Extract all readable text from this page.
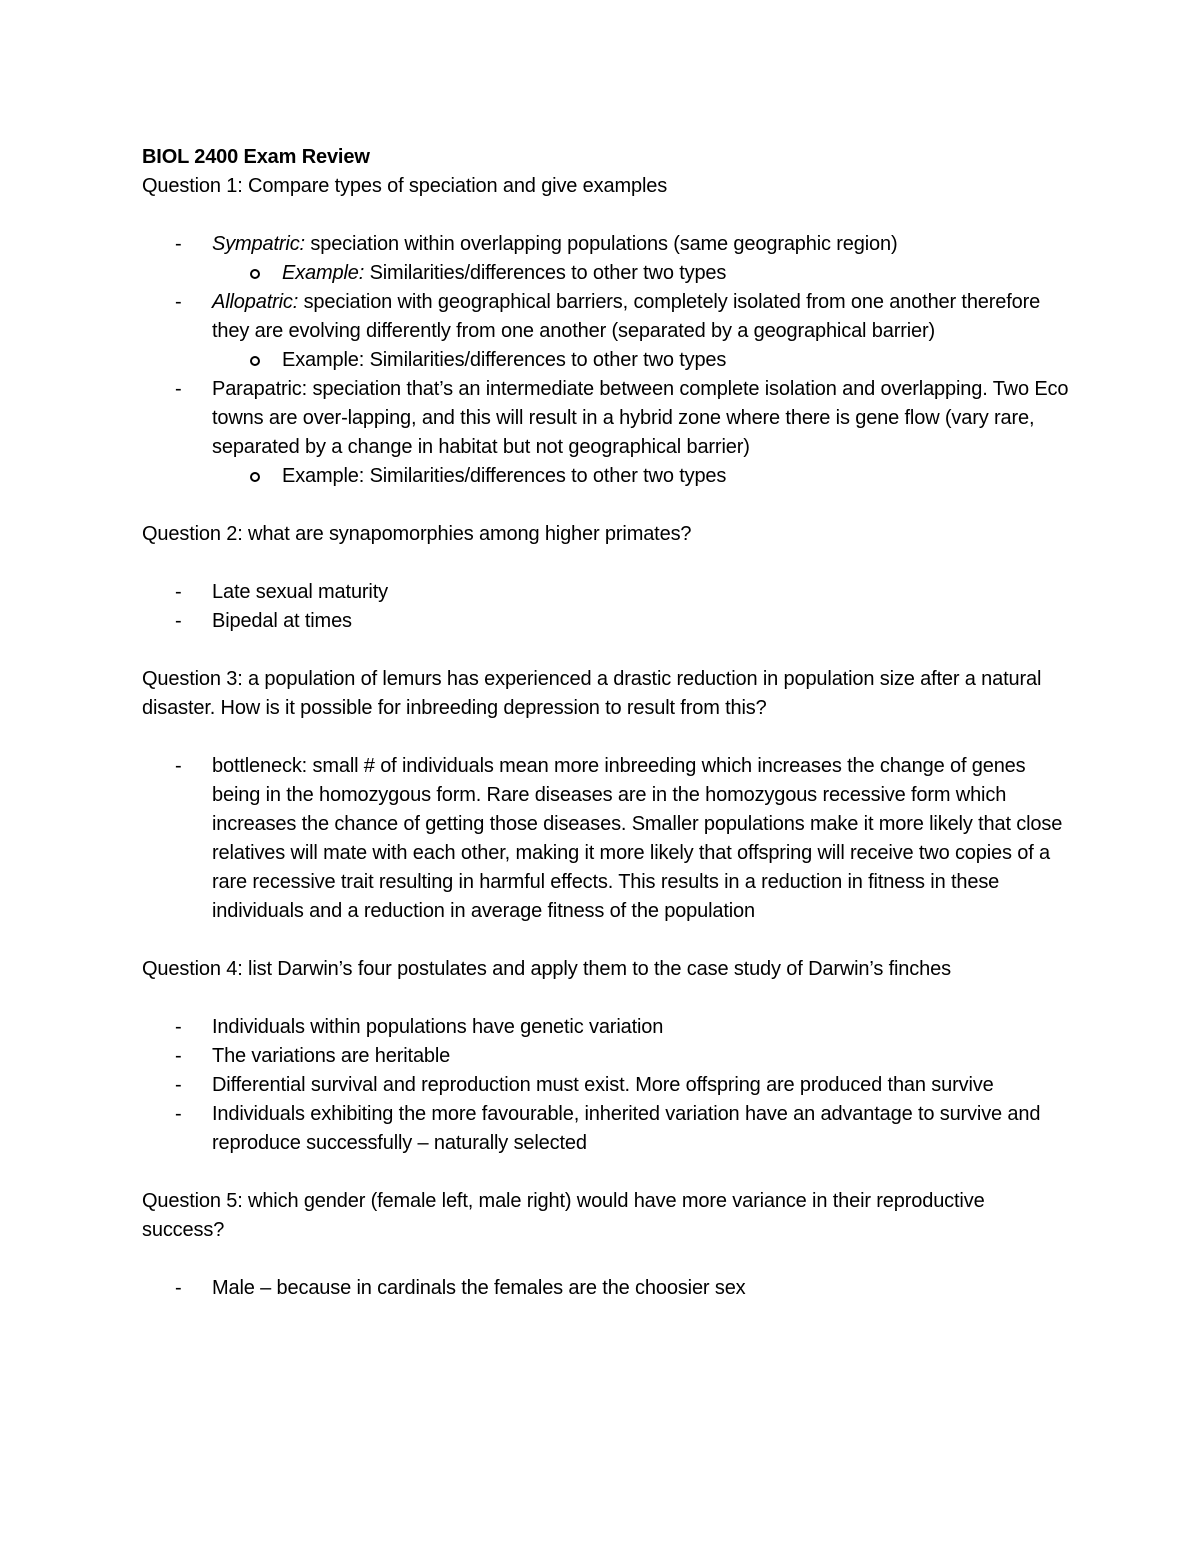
BIOL 2400 Exam Review

Question 1: Compare types of speciation and give examples

- Sympatric: speciation within overlapping populations (same geographic region)
Example: Similarities/differences to other two types
- Allopatric: speciation with geographical barriers, completely isolated from one another therefore they are evolving differently from one another (separated by a geographical barrier)
Example: Similarities/differences to other two types
- Parapatric: speciation that’s an intermediate between complete isolation and overlapping. Two Eco towns are over-lapping, and this will result in a hybrid zone where there is gene flow (vary rare, separated by a change in habitat but not geographical barrier)
Example: Similarities/differences to other two types

Question 2: what are synapomorphies among higher primates?

- Late sexual maturity
- Bipedal at times

Question 3: a population of lemurs has experienced a drastic reduction in population size after a natural disaster. How is it possible for inbreeding depression to result from this?

- bottleneck: small # of individuals mean more inbreeding which increases the change of genes being in the homozygous form. Rare diseases are in the homozygous recessive form which increases the chance of getting those diseases. Smaller populations make it more likely that close relatives will mate with each other, making it more likely that offspring will receive two copies of a rare recessive trait resulting in harmful effects. This results in a reduction in fitness in these individuals and a reduction in average fitness of the population

Question 4: list Darwin’s four postulates and apply them to the case study of Darwin’s finches

- Individuals within populations have genetic variation
- The variations are heritable
- Differential survival and reproduction must exist. More offspring are produced than survive
- Individuals exhibiting the more favourable, inherited variation have an advantage to survive and reproduce successfully – naturally selected

Question 5: which gender (female left, male right) would have more variance in their reproductive success?

- Male – because in cardinals the females are the choosier sex
